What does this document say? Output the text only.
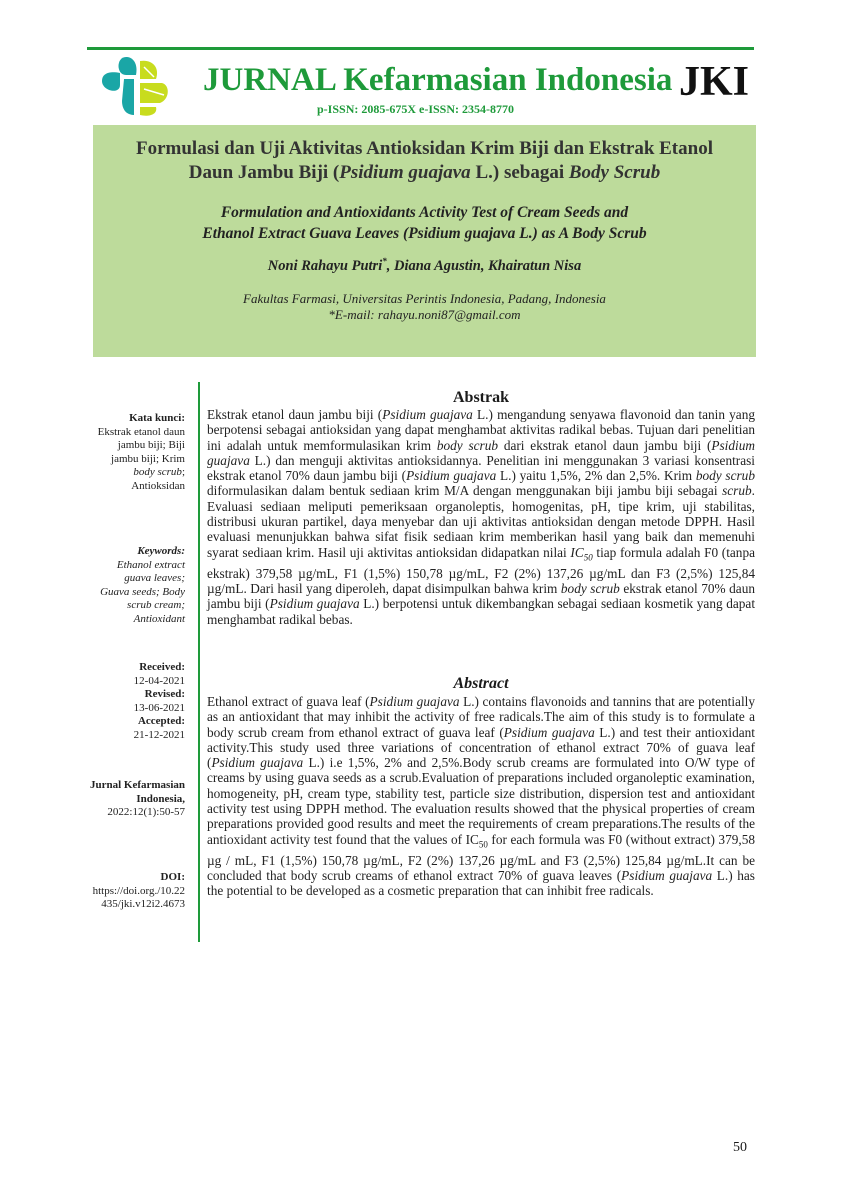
JURNAL Kefarmasian Indonesia
p-ISSN: 2085-675X e-ISSN: 2354-8770
JKI
Formulasi dan Uji Aktivitas Antioksidan Krim Biji dan Ekstrak Etanol
Daun Jambu Biji (Psidium guajava L.) sebagai Body Scrub
Formulation and Antioxidants Activity Test of Cream Seeds and
Ethanol Extract Guava Leaves (Psidium guajava L.) as A Body Scrub
Noni Rahayu Putri*, Diana Agustin, Khairatun Nisa
Fakultas Farmasi, Universitas Perintis Indonesia, Padang, Indonesia
*E-mail: rahayu.noni87@gmail.com
Kata kunci:
Ekstrak etanol daun
jambu biji; Biji
jambu biji; Krim
body scrub;
Antioksidan
Keywords:
Ethanol extract
guava leaves;
Guava seeds; Body
scrub cream;
Antioxidant
Received:
12-04-2021
Revised:
13-06-2021
Accepted:
21-12-2021
Jurnal Kefarmasian
Indonesia,
2022:12(1):50-57
DOI:
https://doi.org./10.22
435/jki.v12i2.4673
Abstrak
Ekstrak etanol daun jambu biji (Psidium guajava L.) mengandung senyawa flavonoid dan tanin yang berpotensi sebagai antioksidan yang dapat menghambat aktivitas radikal bebas. Tujuan dari penelitian ini adalah untuk memformulasikan krim body scrub dari ekstrak etanol daun jambu biji (Psidium guajava L.) dan menguji aktivitas antioksidannya. Penelitian ini menggunakan 3 variasi konsentrasi ekstrak etanol 70% daun jambu biji (Psidium guajava L.) yaitu 1,5%, 2% dan 2,5%. Krim body scrub diformulasikan dalam bentuk sediaan krim M/A dengan menggunakan biji jambu biji sebagai scrub. Evaluasi sediaan meliputi pemeriksaan organoleptis, homogenitas, pH, tipe krim, uji stabilitas, distribusi ukuran partikel, daya menyebar dan uji aktivitas antioksidan dengan metode DPPH. Hasil evaluasi menunjukkan bahwa sifat fisik sediaan krim memberikan hasil yang baik dan memenuhi syarat sediaan krim. Hasil uji aktivitas antioksidan didapatkan nilai $IC_{50}$ tiap formula adalah F0 (tanpa ekstrak) 379,58 µg/mL, F1 (1,5%) 150,78 µg/mL, F2 (2%) 137,26 µg/mL dan F3 (2,5%) 125,84 µg/mL. Dari hasil yang diperoleh, dapat disimpulkan bahwa krim body scrub ekstrak etanol 70% daun jambu biji (Psidium guajava L.) berpotensi untuk dikembangkan sebagai sediaan kosmetik yang dapat menghambat radikal bebas.
Abstract
Ethanol extract of guava leaf (Psidium guajava L.) contains flavonoids and tannins that are potentially as an antioxidant that may inhibit the activity of free radicals.The aim of this study is to formulate a body scrub cream from ethanol extract of guava leaf (Psidium guajava L.) and test their antioxidant activity.This study used three variations of concentration of ethanol extract 70% of guava leaf (Psidium guajava L.) i.e 1,5%, 2% and 2,5%.Body scrub creams are formulated into O/W type of creams by using guava seeds as a scrub.Evaluation of preparations included organoleptic examination, homogeneity, pH, cream type, stability test, particle size distribution, dispersion test and antioxidant activity test using DPPH method. The evaluation results showed that the physical properties of cream preparations provided good results and meet the requirements of cream preparations.The results of the antioxidant activity test found that the values of $IC_{50}$ for each formula was F0 (without extract) 379,58 µg / mL, F1 (1,5%) 150,78 µg/mL, F2 (2%) 137,26 µg/mL and F3 (2,5%) 125,84 µg/mL.It can be concluded that body scrub creams of ethanol extract 70% of guava leaves (Psidium guajava L.) has the potential to be developed as a cosmetic preparation that can inhibit free radicals.
50
